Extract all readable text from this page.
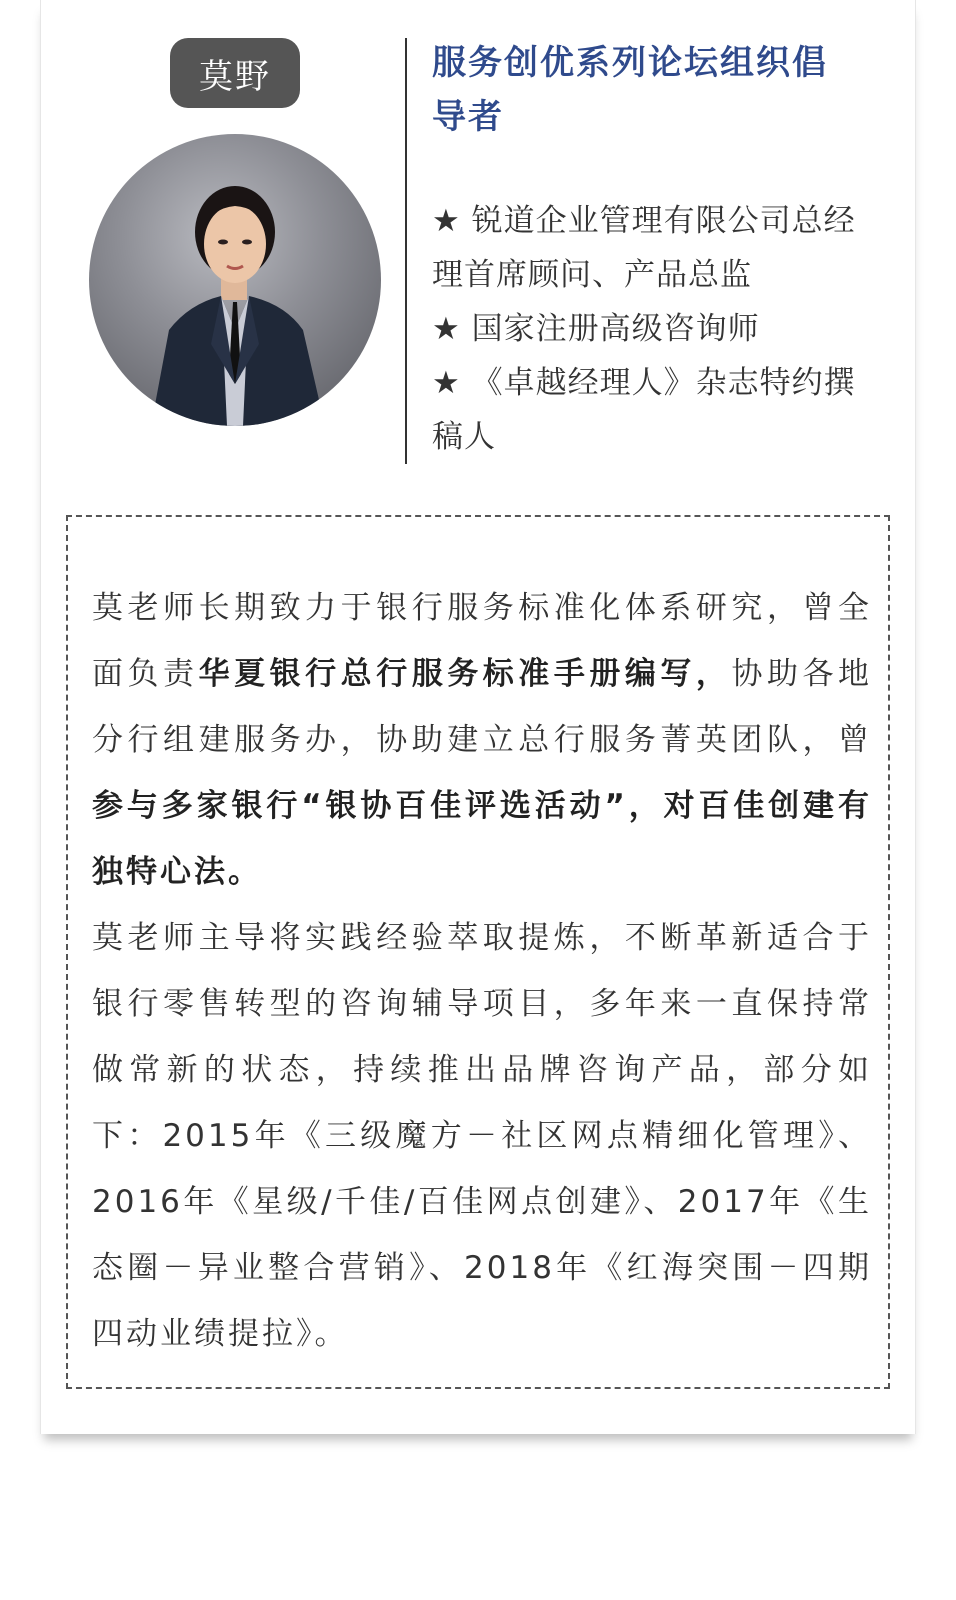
莫野	服务创优系列论坛组织倡导者
★ 锐道企业管理有限公司总经理首席顾问、产品总监
★ 国家注册高级咨询师
★ 《卓越经理人》杂志特约撰稿人

莫老师长期致力于银行服务标准化体系研究，曾全面负责华夏银行总行服务标准手册编写，协助各地分行组建服务办，协助建立总行服务菁英团队，曾参与多家银行“银协百佳评选活动”，对百佳创建有独特心法。
莫老师主导将实践经验萃取提炼，不断革新适合于银行零售转型的咨询辅导项目，多年来一直保持常做常新的状态，持续推出品牌咨询产品，部分如下：2015年《三级魔方－社区网点精细化管理》、2016年《星级/千佳/百佳网点创建》、2017年《生态圈－异业整合营销》、2018年《红海突围－四期四动业绩提拉》。
